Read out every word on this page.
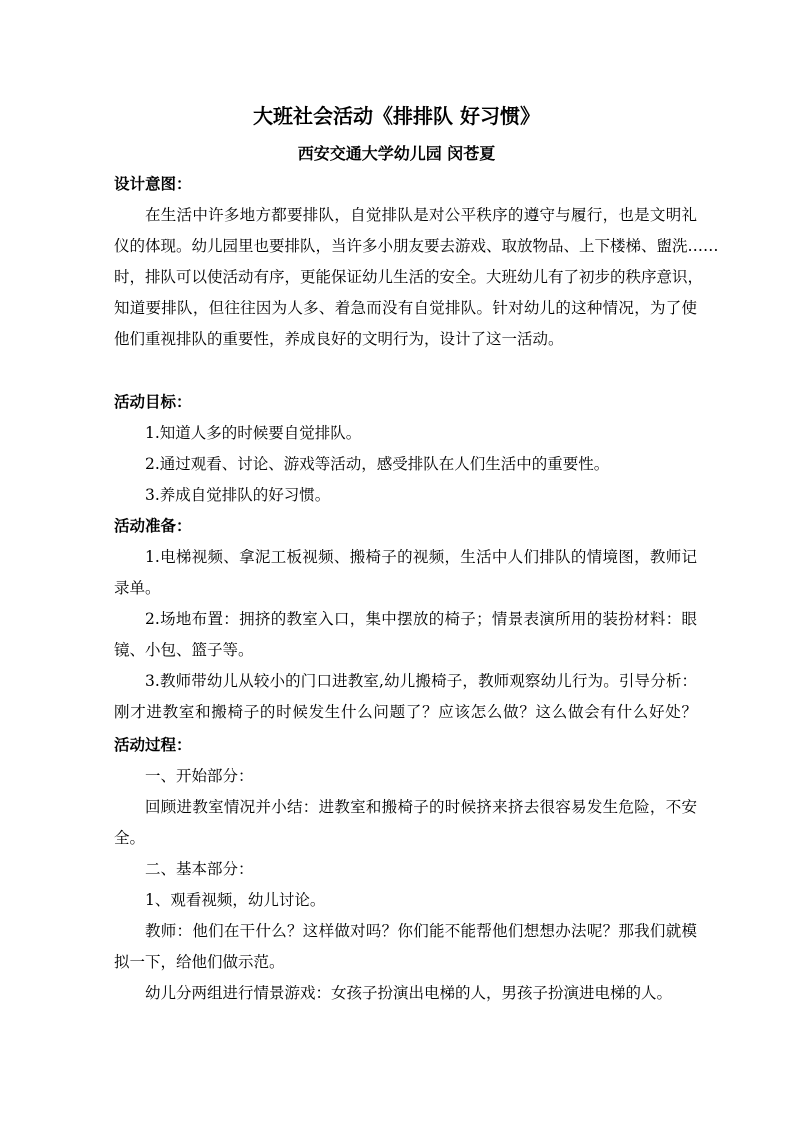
大班社会活动《排排队 好习惯》
西安交通大学幼儿园 闵苍夏
设计意图：
在生活中许多地方都要排队，自觉排队是对公平秩序的遵守与履行，也是文明礼
仪的体现。幼儿园里也要排队，当许多小朋友要去游戏、取放物品、上下楼梯、盥洗……
时，排队可以使活动有序，更能保证幼儿生活的安全。大班幼儿有了初步的秩序意识，
知道要排队，但往往因为人多、着急而没有自觉排队。针对幼儿的这种情况，为了使
他们重视排队的重要性，养成良好的文明行为，设计了这一活动。
活动目标：
1.知道人多的时候要自觉排队。
2.通过观看、讨论、游戏等活动，感受排队在人们生活中的重要性。
3.养成自觉排队的好习惯。
活动准备：
1.电梯视频、拿泥工板视频、搬椅子的视频，生活中人们排队的情境图，教师记
录单。
2.场地布置：拥挤的教室入口，集中摆放的椅子；情景表演所用的装扮材料：眼
镜、小包、篮子等。
3.教师带幼儿从较小的门口进教室,幼儿搬椅子，教师观察幼儿行为。引导分析：
刚才进教室和搬椅子的时候发生什么问题了？应该怎么做？这么做会有什么好处？
活动过程：
一、开始部分：
回顾进教室情况并小结：进教室和搬椅子的时候挤来挤去很容易发生危险，不安
全。
二、基本部分：
1、观看视频，幼儿讨论。
教师：他们在干什么？这样做对吗？你们能不能帮他们想想办法呢？那我们就模
拟一下，给他们做示范。
幼儿分两组进行情景游戏：女孩子扮演出电梯的人，男孩子扮演进电梯的人。
